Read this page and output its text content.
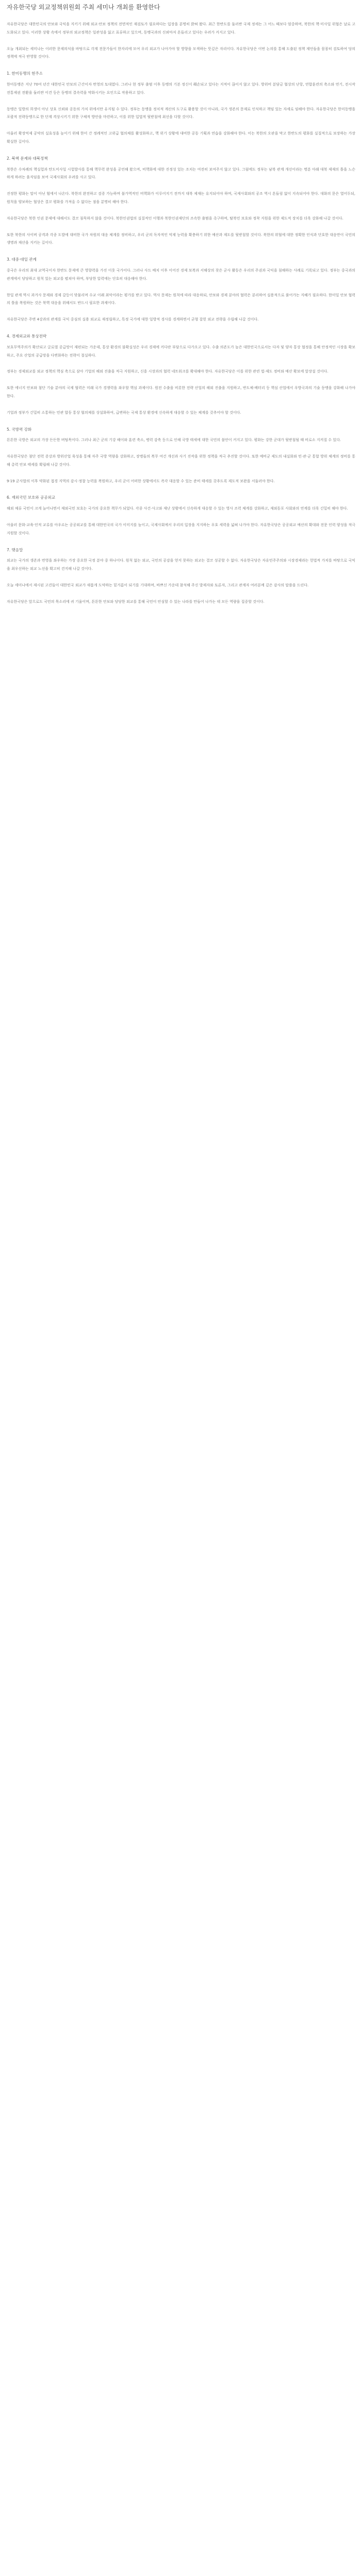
자유한국당 외교정책위원회 주최 세미나 개최를 환영한다

자유한국당은 대한민국의 안보와 국익을 지키기 위해 외교·안보 정책의 전면적인 재검토가 필요하다는 입장을 분명히 밝혀 왔다. 최근 한반도를 둘러싼 국제 정세는 그 어느 때보다 엄중하며, 북한의 핵·미사일 위협은 날로 고도화되고 있다. 이러한 상황 속에서 정부의 외교정책은 일관성을 잃고 표류하고 있으며, 동맹국과의 신뢰마저 흔들리고 있다는 우려가 커지고 있다.

오늘 개최되는 세미나는 이러한 문제의식을 바탕으로 각계 전문가들이 한자리에 모여 우리 외교가 나아가야 할 방향을 모색하는 뜻깊은 자리이다. 자유한국당은 이번 논의를 통해 도출된 정책 제언들을 꼼꼼히 검토하여 당의 정책에 적극 반영할 것이다.

1. 한미동맹의 현주소

한미동맹은 지난 70여 년간 대한민국 안보의 근간이자 번영의 토대였다. 그러나 현 정부 출범 이후 동맹의 기본 정신이 훼손되고 있다는 지적이 끊이지 않고 있다. 방위비 분담금 협상의 난항, 연합훈련의 축소와 연기, 전시작전통제권 전환을 둘러싼 이견 등은 동맹의 결속력을 약화시키는 요인으로 작용하고 있다.

동맹은 일방의 희생이 아닌 상호 신뢰와 공동의 가치 위에서만 유지될 수 있다. 정부는 동맹을 정치적 계산의 도구로 활용할 것이 아니라, 국가 생존의 문제로 인식하고 책임 있는 자세로 임해야 한다. 자유한국당은 한미동맹을 포괄적 전략동맹으로 한 단계 격상시키기 위한 구체적 방안을 마련하고, 이를 위한 입법적 뒷받침에 최선을 다할 것이다.

아울러 확장억제 공약의 실효성을 높이기 위해 한미 간 정례적인 고위급 협의체를 활성화하고, 핵 위기 상황에 대비한 공동 기획과 연습을 강화해야 한다. 이는 북한의 오판을 막고 한반도의 평화를 실질적으로 보장하는 가장 확실한 길이다.

2. 북핵 문제와 대북정책

북한은 수차례의 핵실험과 탄도미사일 시험발사를 통해 핵무력 완성을 공언해 왔으며, 비핵화에 대한 진정성 있는 조치는 여전히 보여주지 않고 있다. 그럼에도 정부는 남북 관계 개선이라는 명분 아래 대북 제재의 틀을 느슨하게 하려는 움직임을 보여 국제사회의 우려를 사고 있다.

진정한 평화는 말이 아닌 힘에서 나온다. 북한의 완전하고 검증 가능하며 불가역적인 비핵화가 이루어지기 전까지 대북 제재는 유지되어야 하며, 국제사회와의 공조 역시 흔들림 없이 지속되어야 한다. 대화의 문은 열어두되, 원칙을 양보하는 협상은 결코 평화를 가져올 수 없다는 점을 분명히 해야 한다.

자유한국당은 북한 인권 문제에 대해서도 결코 침묵하지 않을 것이다. 북한인권법의 실질적인 이행과 북한인권재단의 조속한 출범을 촉구하며, 탈북민 보호와 정착 지원을 위한 제도적 장치를 더욱 강화해 나갈 것이다.

또한 북한의 사이버 공격과 각종 도발에 대비한 국가 차원의 대응 체계를 정비하고, 우리 군의 독자적인 억제 능력을 확충하기 위한 예산과 제도를 뒷받침할 것이다. 북한의 위협에 대한 정확한 인식과 단호한 대응만이 국민의 생명과 재산을 지키는 길이다.

3. 대중·대일 관계

중국은 우리의 최대 교역국이자 한반도 문제에 큰 영향력을 가진 이웃 국가이다. 그러나 사드 배치 이후 이어진 경제 보복과 서해상의 잦은 군사 활동은 우리의 주권과 국익을 침해하는 사례로 기록되고 있다. 정부는 중국과의 관계에서 당당하고 원칙 있는 외교를 펼쳐야 하며, 부당한 압력에는 단호히 대응해야 한다.

한일 관계 역시 과거사 문제와 경제 갈등이 맞물리며 수교 이래 최악이라는 평가를 받고 있다. 역사 문제는 원칙에 따라 대응하되, 안보와 경제 분야의 협력은 분리하여 실용적으로 풀어가는 지혜가 필요하다. 한미일 안보 협력의 틀을 복원하는 것은 북핵 대응을 위해서도 반드시 필요한 과제이다.

자유한국당은 주변 4강과의 관계를 국익 중심의 실용 외교로 재정립하고, 특정 국가에 대한 일방적 경사를 경계하면서 균형 잡힌 외교 전략을 수립해 나갈 것이다.

4. 경제외교와 통상전략

보호무역주의가 확산되고 글로벌 공급망이 재편되는 가운데, 통상 환경의 불확실성은 우리 경제에 커다란 부담으로 다가오고 있다. 수출 의존도가 높은 대한민국으로서는 다자 및 양자 통상 협정을 통해 안정적인 시장을 확보하고, 주요 산업의 공급망을 다변화하는 전략이 절실하다.

정부는 경제외교를 외교 정책의 핵심 축으로 삼아 기업의 해외 진출을 적극 지원하고, 신흥 시장과의 협력 네트워크를 확대해야 한다. 자유한국당은 이를 위한 관련 법·제도 정비와 예산 확보에 앞장설 것이다.

또한 에너지 안보와 첨단 기술 분야의 국제 협력은 미래 국가 경쟁력을 좌우할 핵심 과제이다. 원전 수출을 비롯한 전략 산업의 해외 진출을 지원하고, 반도체·배터리 등 핵심 산업에서 우방국과의 기술 동맹을 강화해 나가야 한다.

기업과 정부가 긴밀히 소통하는 민관 합동 통상 협의체를 상설화하여, 급변하는 국제 통상 환경에 신속하게 대응할 수 있는 체계를 갖추어야 할 것이다.

5. 국방력 강화

튼튼한 국방은 외교의 가장 든든한 버팀목이다. 그러나 최근 군의 기강 해이와 훈련 축소, 병력 감축 등으로 인해 국방 태세에 대한 국민의 불안이 커지고 있다. 평화는 강한 군대가 뒷받침될 때 비로소 지켜질 수 있다.

자유한국당은 첨단 전력 증강과 방위산업 육성을 통해 자주 국방 역량을 강화하고, 장병들의 복무 여건 개선과 사기 진작을 위한 정책을 적극 추진할 것이다. 또한 예비군 제도의 내실화와 민·관·군 통합 방위 체계의 정비를 통해 총력 안보 태세를 확립해 나갈 것이다.

9·19 군사합의 이후 약화된 접경 지역의 감시·정찰 능력을 복원하고, 우리 군이 어떠한 상황에서도 즉각 대응할 수 있는 준비 태세를 갖추도록 제도적 보완을 서둘러야 한다.

6. 재외국민 보호와 공공외교

해외 체류 국민이 크게 늘어나면서 재외국민 보호는 국가의 중요한 책무가 되었다. 각종 사건·사고와 재난 상황에서 신속하게 대응할 수 있는 영사 조력 체계를 강화하고, 재외동포 사회와의 연계를 더욱 긴밀히 해야 한다.

아울러 문화·교육·인적 교류를 아우르는 공공외교를 통해 대한민국의 국가 이미지를 높이고, 국제사회에서 우리의 입장을 지지하는 우호 세력을 넓혀 나가야 한다. 자유한국당은 공공외교 예산의 확대와 전문 인력 양성을 적극 지원할 것이다.

7. 맺음말

외교는 국가의 생존과 번영을 좌우하는 가장 중요한 국정 분야 중 하나이다. 원칙 없는 외교, 국민의 공감을 얻지 못하는 외교는 결코 성공할 수 없다. 자유한국당은 자유민주주의와 시장경제라는 헌법적 가치를 바탕으로 국익을 최우선하는 외교 노선을 확고히 견지해 나갈 것이다.

오늘 세미나에서 제시된 고견들이 대한민국 외교가 새롭게 도약하는 밑거름이 되기를 기대하며, 바쁘신 가운데 참석해 주신 발제자와 토론자, 그리고 관계자 여러분께 깊은 감사의 말씀을 드린다.

자유한국당은 앞으로도 국민의 목소리에 귀 기울이며, 튼튼한 안보와 당당한 외교를 통해 국민이 안심할 수 있는 나라를 만들어 나가는 데 모든 역량을 집중할 것이다.
